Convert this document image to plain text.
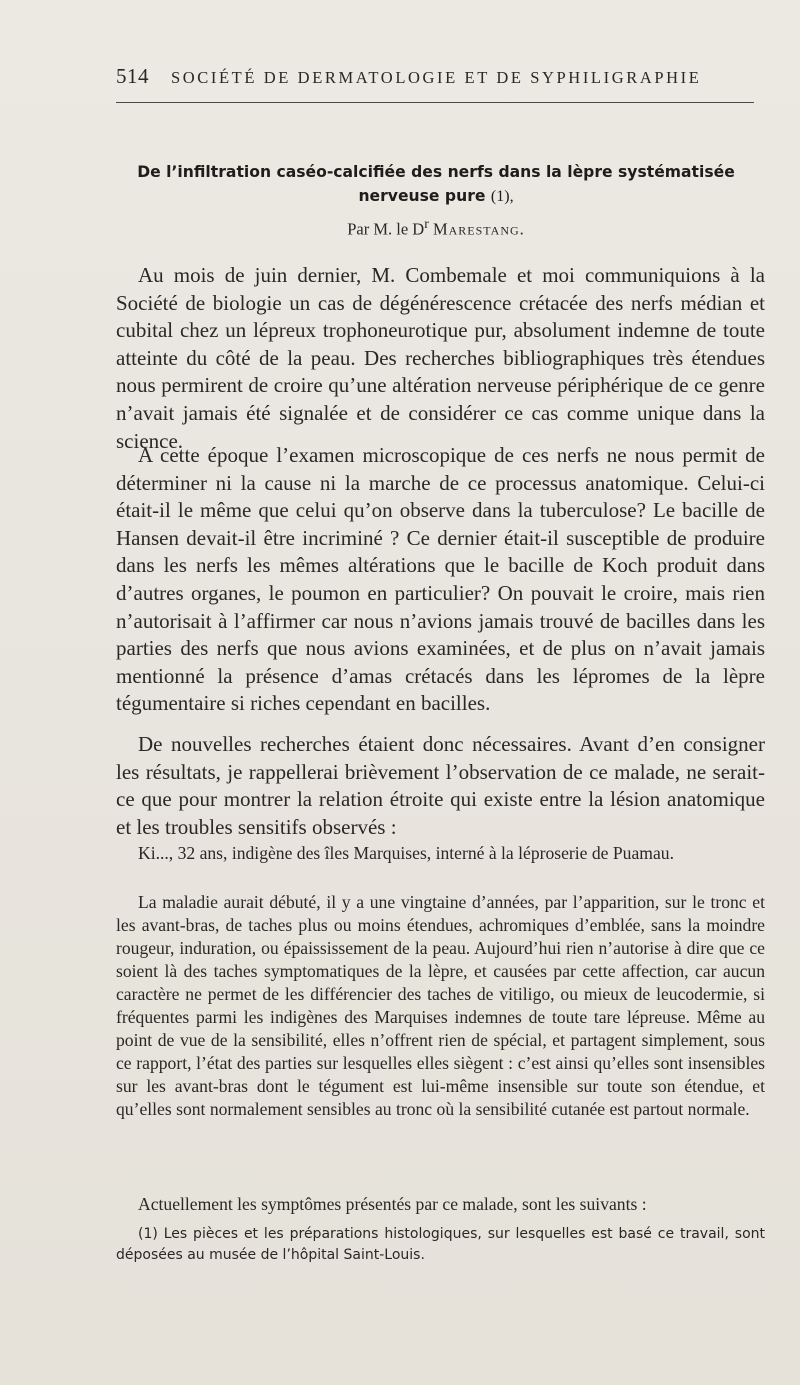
514 SOCIÉTÉ DE DERMATOLOGIE ET DE SYPHILIGRAPHIE
De l’infiltration caséo-calcifiée des nerfs dans la lèpre systématisée nerveuse pure (1),
Par M. le $D^r$ Marestang.

Au mois de juin dernier, M. Combemale et moi communiquions à la Société de biologie un cas de dégénérescence crétacée des nerfs médian et cubital chez un lépreux trophoneurotique pur, absolument indemne de toute atteinte du côté de la peau. Des recherches bibliographiques très étendues nous permirent de croire qu’une altération nerveuse périphérique de ce genre n’avait jamais été signalée et de considérer ce cas comme unique dans la science.

A cette époque l’examen microscopique de ces nerfs ne nous permit de déterminer ni la cause ni la marche de ce processus anatomique. Celui-ci était-il le même que celui qu’on observe dans la tuberculose? Le bacille de Hansen devait-il être incriminé ? Ce dernier était-il susceptible de produire dans les nerfs les mêmes altérations que le bacille de Koch produit dans d’autres organes, le poumon en particulier? On pouvait le croire, mais rien n’autorisait à l’affirmer car nous n’avions jamais trouvé de bacilles dans les parties des nerfs que nous avions examinées, et de plus on n’avait jamais mentionné la présence d’amas crétacés dans les lépromes de la lèpre tégumentaire si riches cependant en bacilles.

De nouvelles recherches étaient donc nécessaires. Avant d’en consigner les résultats, je rappellerai brièvement l’observation de ce malade, ne serait-ce que pour montrer la relation étroite qui existe entre la lésion anatomique et les troubles sensitifs observés :

Ki..., 32 ans, indigène des îles Marquises, interné à la léproserie de Puamau.

La maladie aurait débuté, il y a une vingtaine d’années, par l’apparition, sur le tronc et les avant-bras, de taches plus ou moins étendues, achromiques d’emblée, sans la moindre rougeur, induration, ou épaississement de la peau. Aujourd’hui rien n’autorise à dire que ce soient là des taches symptomatiques de la lèpre, et causées par cette affection, car aucun caractère ne permet de les différencier des taches de vitiligo, ou mieux de leucodermie, si fréquentes parmi les indigènes des Marquises indemnes de toute tare lépreuse. Même au point de vue de la sensibilité, elles n’offrent rien de spécial, et partagent simplement, sous ce rapport, l’état des parties sur lesquelles elles siègent : c’est ainsi qu’elles sont insensibles sur les avant-bras dont le tégument est lui-même insensible sur toute son étendue, et qu’elles sont normalement sensibles au tronc où la sensibilité cutanée est partout normale.

Actuellement les symptômes présentés par ce malade, sont les suivants :

(1) Les pièces et les préparations histologiques, sur lesquelles est basé ce travail, sont déposées au musée de l’hôpital Saint-Louis.
